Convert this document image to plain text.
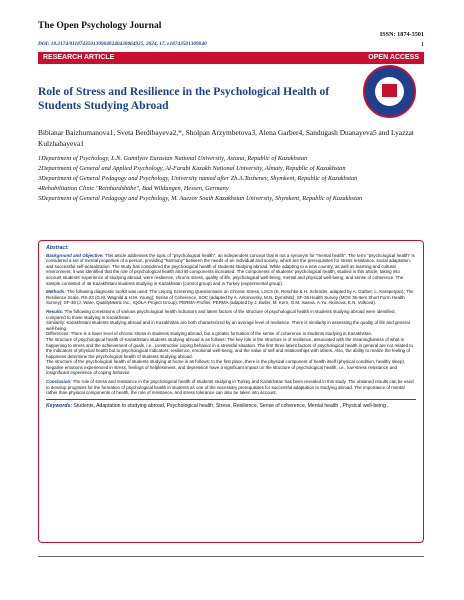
The Open Psychology Journal
ISSN: 1874-3501
DOI: 10.2174/0118743501309040240430064925, 2024, 17, e18743501309040	1
RESEARCH ARTICLE	OPEN ACCESS
Role of Stress and Resilience in the Psychological Health of Students Studying Abroad
Bibianar Baizhumanova1, Sveta Berdibayeva2,*, Sholpan Arzymbetova3, Alena Garber4, Sandugash Duanayeva5 and Lyazzat Kulzhabayeva1

1Department of Psychology, L.N. Gumilyov Eurasian National University, Astana, Republic of Kazakhstan

2Department of General and Applied Psychology, Al-Farabi Kazakh National University, Almaty, Republic of Kazakhstan

3Department of General Pedagogy and Psychology, University named after Zh.A.Tashenev, Shymkent, Republic of Kazakhstan

4Rehabilitation Clinic "Reinhardshöhe", Bad Wildungen, Hessen, Germany

5Department of General Pedagogy and Psychology, M. Auezov South Kazakhstan University, Shymkent, Republic of Kazakhstan

Abstract:

Background and Objective: This article addresses the topic of "psychological health", an independent concept that is not a synonym for "mental health". The term "psychological health" is considered a set of mental properties of a person, providing "harmony" between the needs of an individual and society, which are the prerequisites for stress resistance, social adaptation, and successful self-actualization. The study has considered the psychological health of students studying abroad. While adapting to a new country, as well as learning and cultural environment, it was identified that the role of psychological health and its components increased. The components of students' psychological health, studied in this article, taking into account students' experience of studying abroad, were resilience, chronic stress, quality of life, psychological well-being, mental and physical well-being, and sense of coherence. The sample consisted of 46 Kazakhstani students studying in Kazakhstan (control group) and in Turkey (experimental group).

Methods: The following diagnostic toolkit was used: The Leipzig Screening Questionnaire on Chronic Stress, LSCS (K. Reschke & H. Schröder, adapted by A. Garber; L. Karapetyan); The Resilience Scale, RS-23 (G.M. Wagnild & H.M. Young); Sense of Coherence, SOC (adapted by A. Antonovsky, M.N. Dymshits); SF-36 Health Survey (MOS 36-Item Short Form Health Survey); SF-36 (J. Ware, QualityMetric Inc., IQOLA-Project Group); PERMA-Profiler, PERMA (adapted by J. Butler, M. Kern, O.M. Isaeva, A.Yu. Akimova, E.N. Volkova).

Results: The following correlations of various psychological health indicators and latent factors of the structure of psychological health in students studying abroad were identified, compared to those studying in Kazakhstan.
Similarity: Kazakhstani students studying abroad and in Kazakhstan are both characterized by an average level of resilience. There is similarity in assessing the quality of life and general well-being.
Differences: There is a lower level of chronic stress in students studying abroad, but a greater formation of the sense of coherence in students studying in Kazakhstan.
The structure of psychological health of Kazakhstani students studying abroad is as follows: The key role in the structure is of resilience, associated with the meaningfulness of what is happening to stress and the achievement of goals, i.e., constructive coping behavior in a stressful situation. The first three latent factors of psychological health in general are not related to the indicators of physical health but to psychological indicators: resilience, emotional well-being, and the value of self and relationships with others. Also, the ability to realize the feeling of happiness determine the psychological health of students studying abroad.
The structure of the psychological health of students studying at home is as follows: In the first place, there is the physical component of health itself (physical condition, healthy sleep). Negative emotions experienced in stress, feelings of helplessness, and depression have a significant impact on the structure of psychological health, i.e., low stress resistance and insignificant experience of coping behavior.

Conclusion: The role of stress and resistance in the psychological health of students studying in Turkey and Kazakhstan has been revealed in this study. The obtained results can be used to develop programs for the formation of psychological health in students as one of the necessary prerequisites for successful adaptation to studying abroad. The importance of mental rather than physical components of health, the role of resistance, and stress tolerance can also be taken into account.

Keywords: Students, Adaptation to studying abroad, Psychological health, Stress, Resilience, Sense of coherence, Mental health , Physical well-being .
